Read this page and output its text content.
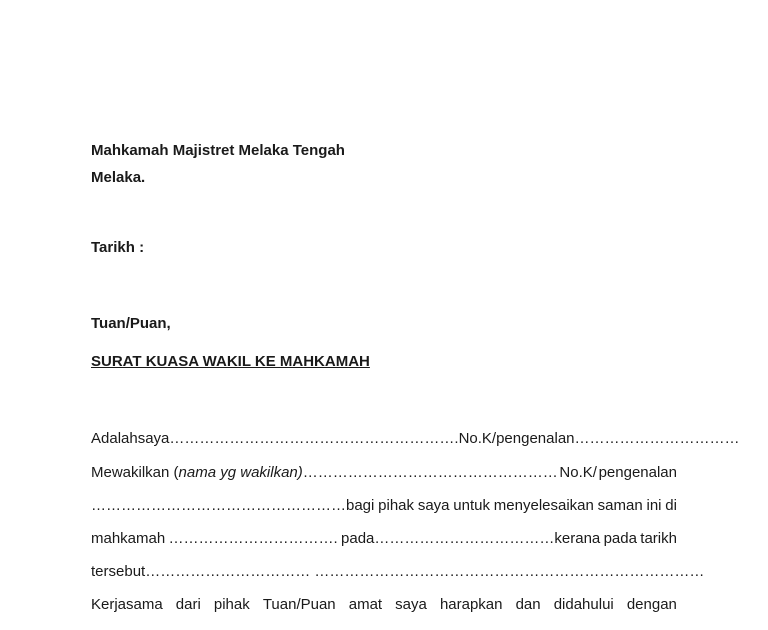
Mahkamah Majistret Melaka Tengah
Melaka.
Tarikh :
Tuan/Puan,
SURAT KUASA WAKIL KE MAHKAMAH
Adalah saya ………………………………………………….No.K/pengenalan ……………………………
Mewakilkan (nama yg wakilkan)…………………………………………… No.K/ pengenalan
……………………………………………bagi pihak saya untuk menyelesaikan saman ini di
mahkamah ……………………………. pada………………………………kerana pada tarikh
tersebut…………………………… ……………………………………………………………………
Kerjasama dari pihak Tuan/Puan amat saya harapkan dan didahului dengan
